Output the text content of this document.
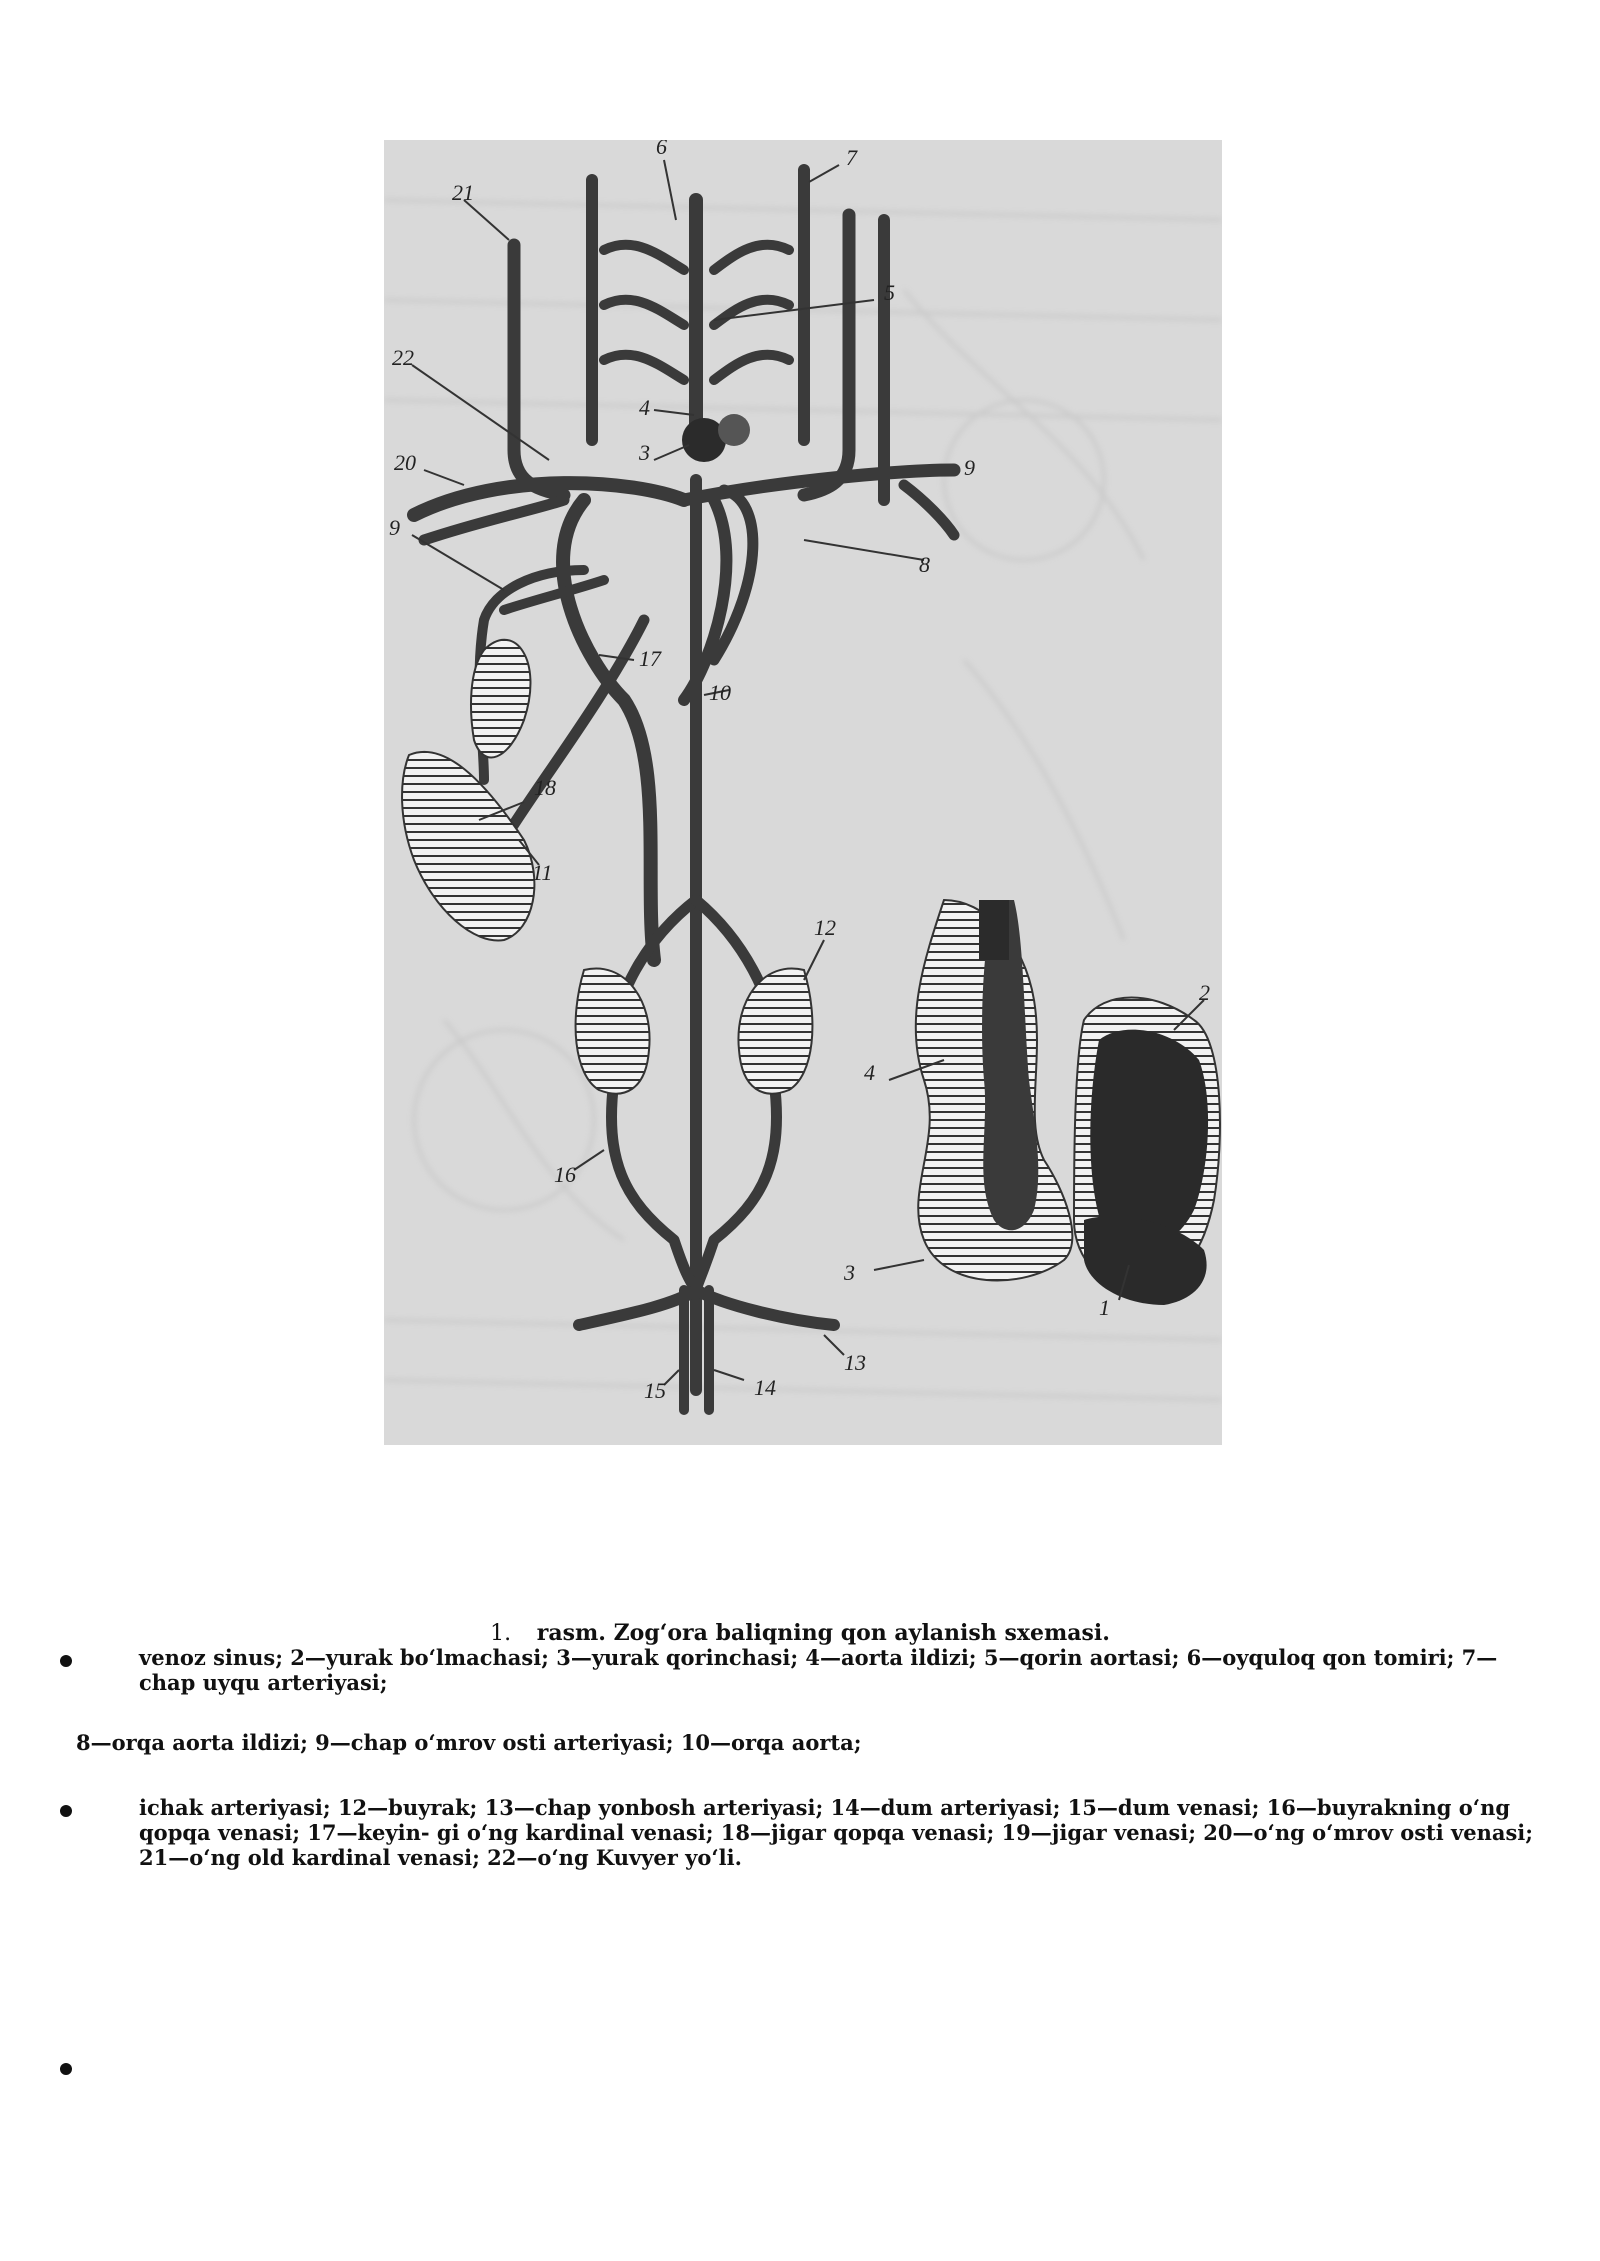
6	7
21
22
5
4
3
20	9
9
8
17
10
18
11
12
16
13
14
15
4
3
2
1
1. rasm. Zog‘ora baliqning qon aylanish sxemasi.
venoz sinus; 2—yurak bo‘lmachasi; 3—yurak qorinchasi; 4—aorta ildizi; 5—qorin aortasi; 6—oyquloq qon tomiri; 7—chap uyqu arteriyasi;
8—orqa aorta ildizi; 9—chap o‘mrov osti arteriyasi; 10—orqa aorta;
ichak arteriyasi; 12—buyrak; 13—chap yonbosh arteriyasi; 14—dum arteriyasi; 15—dum venasi; 16—buyrakning o‘ng qopqa venasi; 17—keyin- gi o‘ng kardinal venasi; 18—jigar qopqa venasi; 19—jigar venasi; 20—o‘ng o‘mrov osti venasi; 21—o‘ng old kardinal venasi; 22—o‘ng Kuvyer yo‘li.
